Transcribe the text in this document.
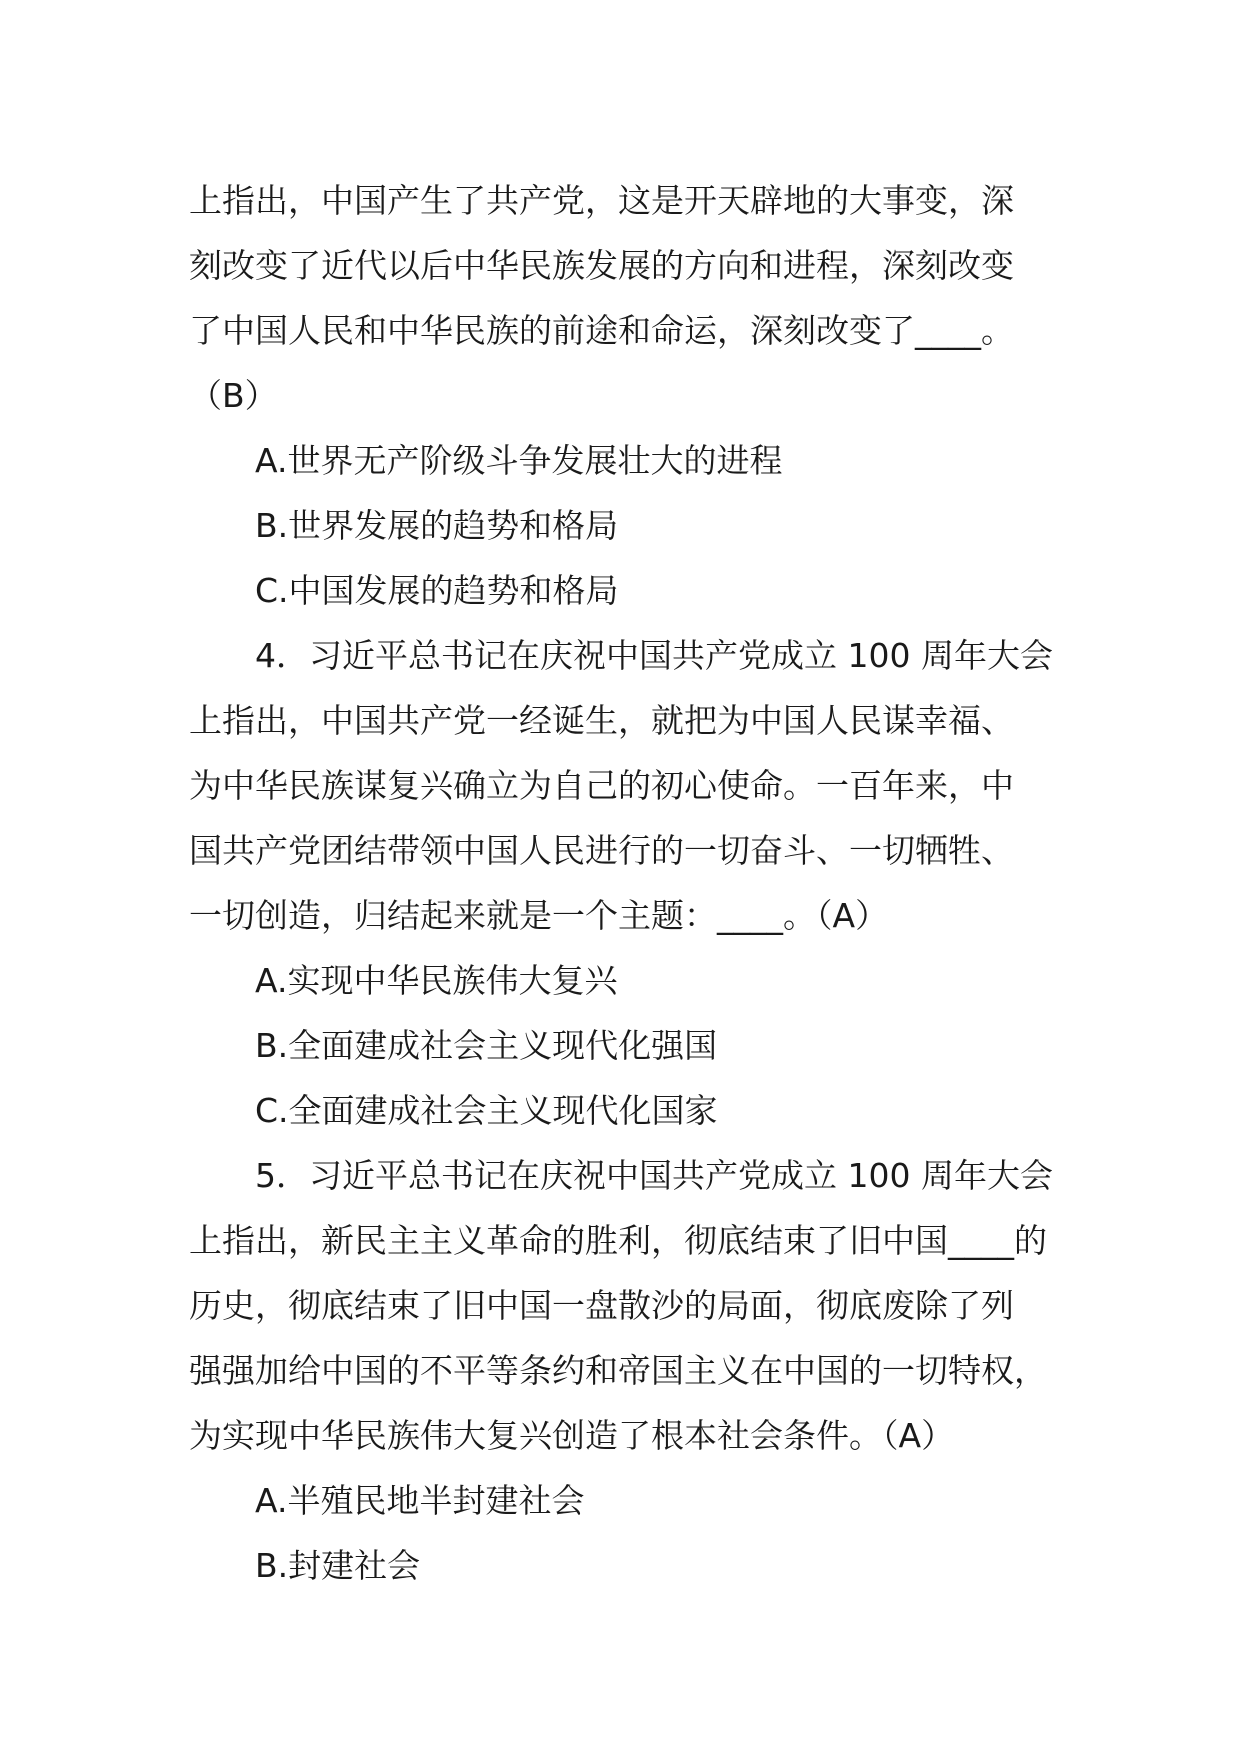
上指出，中国产生了共产党，这是开天辟地的大事变，深
刻改变了近代以后中华民族发展的方向和进程，深刻改变
了中国人民和中华民族的前途和命运，深刻改变了____。
（B）
A.世界无产阶级斗争发展壮大的进程
B.世界发展的趋势和格局
C.中国发展的趋势和格局
4．习近平总书记在庆祝中国共产党成立 100 周年大会
上指出，中国共产党一经诞生，就把为中国人民谋幸福、
为中华民族谋复兴确立为自己的初心使命。一百年来，中
国共产党团结带领中国人民进行的一切奋斗、一切牺牲、
一切创造，归结起来就是一个主题：____。（A）
A.实现中华民族伟大复兴
B.全面建成社会主义现代化强国
C.全面建成社会主义现代化国家
5．习近平总书记在庆祝中国共产党成立 100 周年大会
上指出，新民主主义革命的胜利，彻底结束了旧中国____的
历史，彻底结束了旧中国一盘散沙的局面，彻底废除了列
强强加给中国的不平等条约和帝国主义在中国的一切特权，
为实现中华民族伟大复兴创造了根本社会条件。（A）
A.半殖民地半封建社会
B.封建社会
